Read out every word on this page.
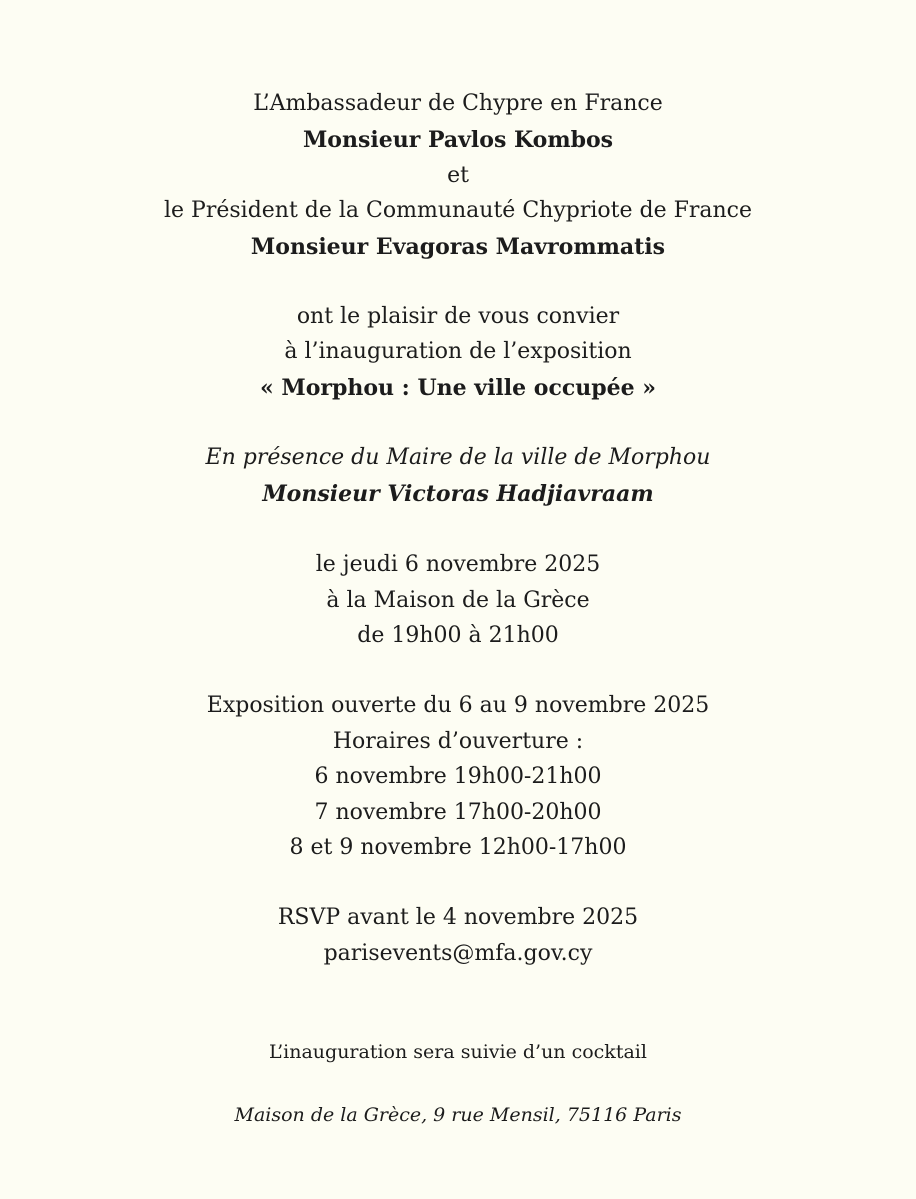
L’Ambassadeur de Chypre en France
Monsieur Pavlos Kombos
et
le Président de la Communauté Chypriote de France
Monsieur Evagoras Mavrommatis
ont le plaisir de vous convier
à l’inauguration de l’exposition
« Morphou : Une ville occupée »
En présence du Maire de la ville de Morphou
Monsieur Victoras Hadjiavraam
le jeudi 6 novembre 2025
à la Maison de la Grèce
de 19h00 à 21h00
Exposition ouverte du 6 au 9 novembre 2025
Horaires d’ouverture :
6 novembre 19h00-21h00
7 novembre 17h00-20h00
8 et 9 novembre 12h00-17h00
RSVP avant le 4 novembre 2025
parisevents@mfa.gov.cy
L’inauguration sera suivie d’un cocktail
Maison de la Grèce, 9 rue Mensil, 75116 Paris
